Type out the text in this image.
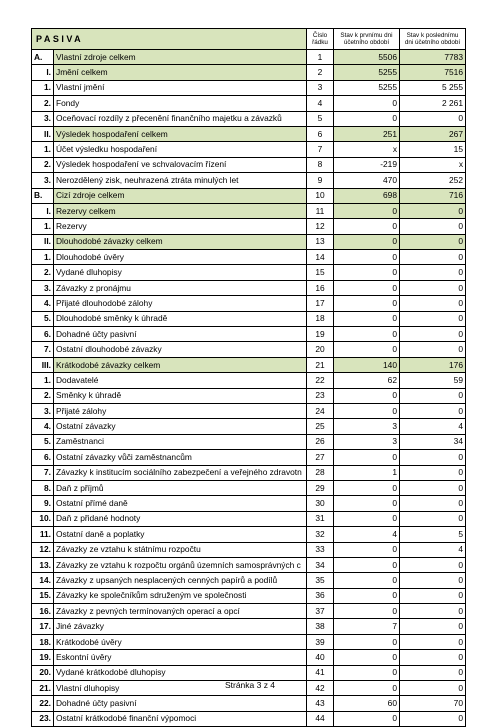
PASIVA		Číslo řádku	Stav k prvnímu dni účetního období	Stav k poslednímu dni účetního období
A.	Vlastní zdroje celkem	1	5506	7783
I.	Jmění celkem	2	5255	7516
1.	Vlastní jmění	3	5255	5 255
2.	Fondy	4	0	2 261
3.	Oceňovací rozdíly z přecenění finančního majetku a závazků	5	0	0
II.	Výsledek hospodaření celkem	6	251	267
1.	Účet výsledku hospodaření	7	x	15
2.	Výsledek hospodaření ve schvalovacím řízení	8	-219	x
3.	Nerozdělený zisk, neuhrazená ztráta minulých let	9	470	252
B.	Cizí zdroje celkem	10	698	716
I.	Rezervy celkem	11	0	0
1.	Rezervy	12	0	0
II.	Dlouhodobé závazky celkem	13	0	0
1.	Dlouhodobé úvěry	14	0	0
2.	Vydané dluhopisy	15	0	0
3.	Závazky z pronájmu	16	0	0
4.	Přijaté dlouhodobé zálohy	17	0	0
5.	Dlouhodobé směnky k úhradě	18	0	0
6.	Dohadné účty pasivní	19	0	0
7.	Ostatní dlouhodobé závazky	20	0	0
III.	Krátkodobé závazky celkem	21	140	176
1.	Dodavatelé	22	62	59
2.	Směnky k úhradě	23	0	0
3.	Přijaté zálohy	24	0	0
4.	Ostatní závazky	25	3	4
5.	Zaměstnanci	26	3	34
6.	Ostatní závazky vůči zaměstnancům	27	0	0
7.	Závazky k institucím sociálního zabezpečení a veřejného zdravotn	28	1	0
8.	Daň z příjmů	29	0	0
9.	Ostatní přímé daně	30	0	0
10.	Daň z přidané hodnoty	31	0	0
11.	Ostatní daně a poplatky	32	4	5
12.	Závazky ze vztahu k státnímu rozpočtu	33	0	4
13.	Závazky ze vztahu k rozpočtu orgánů územních samosprávných c	34	0	0
14.	Závazky z upsaných nesplacených cenných papírů a podílů	35	0	0
15.	Závazky ke společníkům sdruženým ve společnosti	36	0	0
16.	Závazky z pevných termínovaných operací a opcí	37	0	0
17.	Jiné závazky	38	7	0
18.	Krátkodobé úvěry	39	0	0
19.	Eskontní úvěry	40	0	0
20.	Vydané krátkodobé dluhopisy	41	0	0
21.	Vlastní dluhopisy	42	0	0
22.	Dohadné účty pasivní	43	60	70
23.	Ostatní krátkodobé finanční výpomoci	44	0	0
Stránka 3 z 4
